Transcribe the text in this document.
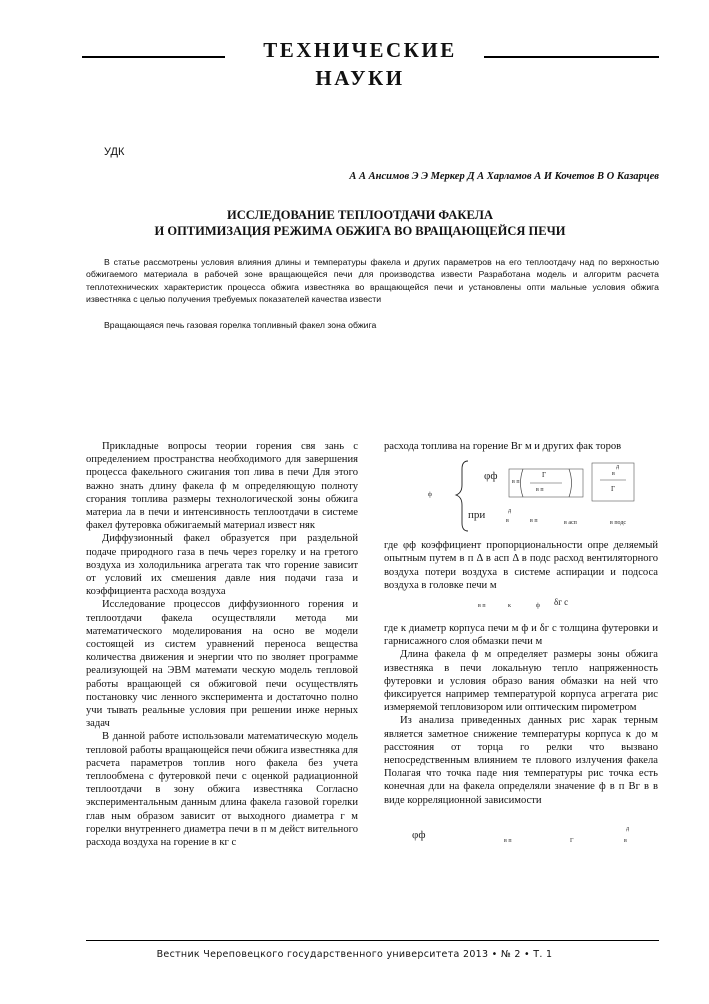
ТЕХНИЧЕСКИЕ
НАУКИ
УДК
А А Ансимов Э Э Меркер Д А Харламов А И Кочетов В О Казарцев
ИССЛЕДОВАНИЕ ТЕПЛООТДАЧИ ФАКЕЛА
И ОПТИМИЗАЦИЯ РЕЖИМА ОБЖИГА ВО ВРАЩАЮЩЕЙСЯ ПЕЧИ

В статье рассмотрены условия влияния длины и температуры факела и других параметров на его теплоотдачу над по верхностью обжигаемого материала в рабочей зоне вращающейся печи для производства извести Разработана модель и алгоритм расчета теплотехнических характеристик процесса обжига известняка во вращающейся печи и установлены опти мальные условия обжига известняка с целью получения требуемых показателей качества извести

Вращающаяся печь газовая горелка топливный факел зона обжига

Прикладные вопросы теории горения свя зань с определением пространства необходимого для завершения процесса факельного сжигания топ лива в печи Для этого важно знать длину факела ф м определяющую полноту сгорания топлива размеры технологической зоны обжига материа ла в печи и интенсивность теплоотдачи в системе факел футеровка обжигаемый материал извест няк

Диффузионный факел образуется при раздельной подаче природного газа в печь через горелку и на гретого воздуха из холодильника агрегата так что горение зависит от условий их смешения давле ния подачи газа и коэффициента расхода воздуха

Исследование процессов диффузионного горения и теплоотдачи факела осуществляли метода ми математического моделирования на осно ве модели состоящей из систем уравнений переноса вещества количества движения и энергии что по зволяет программе реализующей на ЭВМ математи ческую модель тепловой работы вращающей ся обжиговой печи осуществлять постановку чис ленного эксперимента и достаточно полно учи тывать реальные условия при решении инже нерных задач

В данной работе использовали математическую модель тепловой работы вращающейся печи обжига известняка для расчета параметров топлив ного факела без учета теплообмена с футеровкой печи с оценкой радиационной теплоотдачи в зону обжига известняка Согласно экспериментальным данным длина факела газовой горелки глав ным образом зависит от выходного диаметра г м горелки внутреннего диаметра печи в п м дейст вительного расхода воздуха на горение в кг с

расхода топлива на горение Bг м и других фак торов

φф в п
Г
в п
д
в
Г
ф
при	д
в	в п	в асп	в подс

где φф коэффициент пропорциональности опре деляемый опытным путем в п Δ в асп Δ в подс расход вентиляторного воздуха потери воздуха в системе аспирации и подсоса воздуха в головке печи м

в п	к	ф δг с

где к диаметр корпуса печи м ф и δг с толщина футеровки и гарнисажного слоя обмазки печи м

Длина факела ф м определяет размеры зоны обжига известняка в печи локальную тепло напряженность футеровки и условия образо вания обмазки на ней что фиксируется например температурой корпуса агрегата рис измеряемой тепловизором или оптическим пирометром

Из анализа приведенных данных рис харак терным является заметное снижение температуры корпуса к до м расстояния от торца го релки что вызвано непосредственным влиянием те плового излучения факела Полагая что точка паде ния температуры рис точка есть конечная дли на факела определяли значение ф в п Bг в в виде корреляционной зависимости

φф	в п	Г
д
в
Вестник Череповецкого государственного университета 2013 • № 2 • Т. 1
